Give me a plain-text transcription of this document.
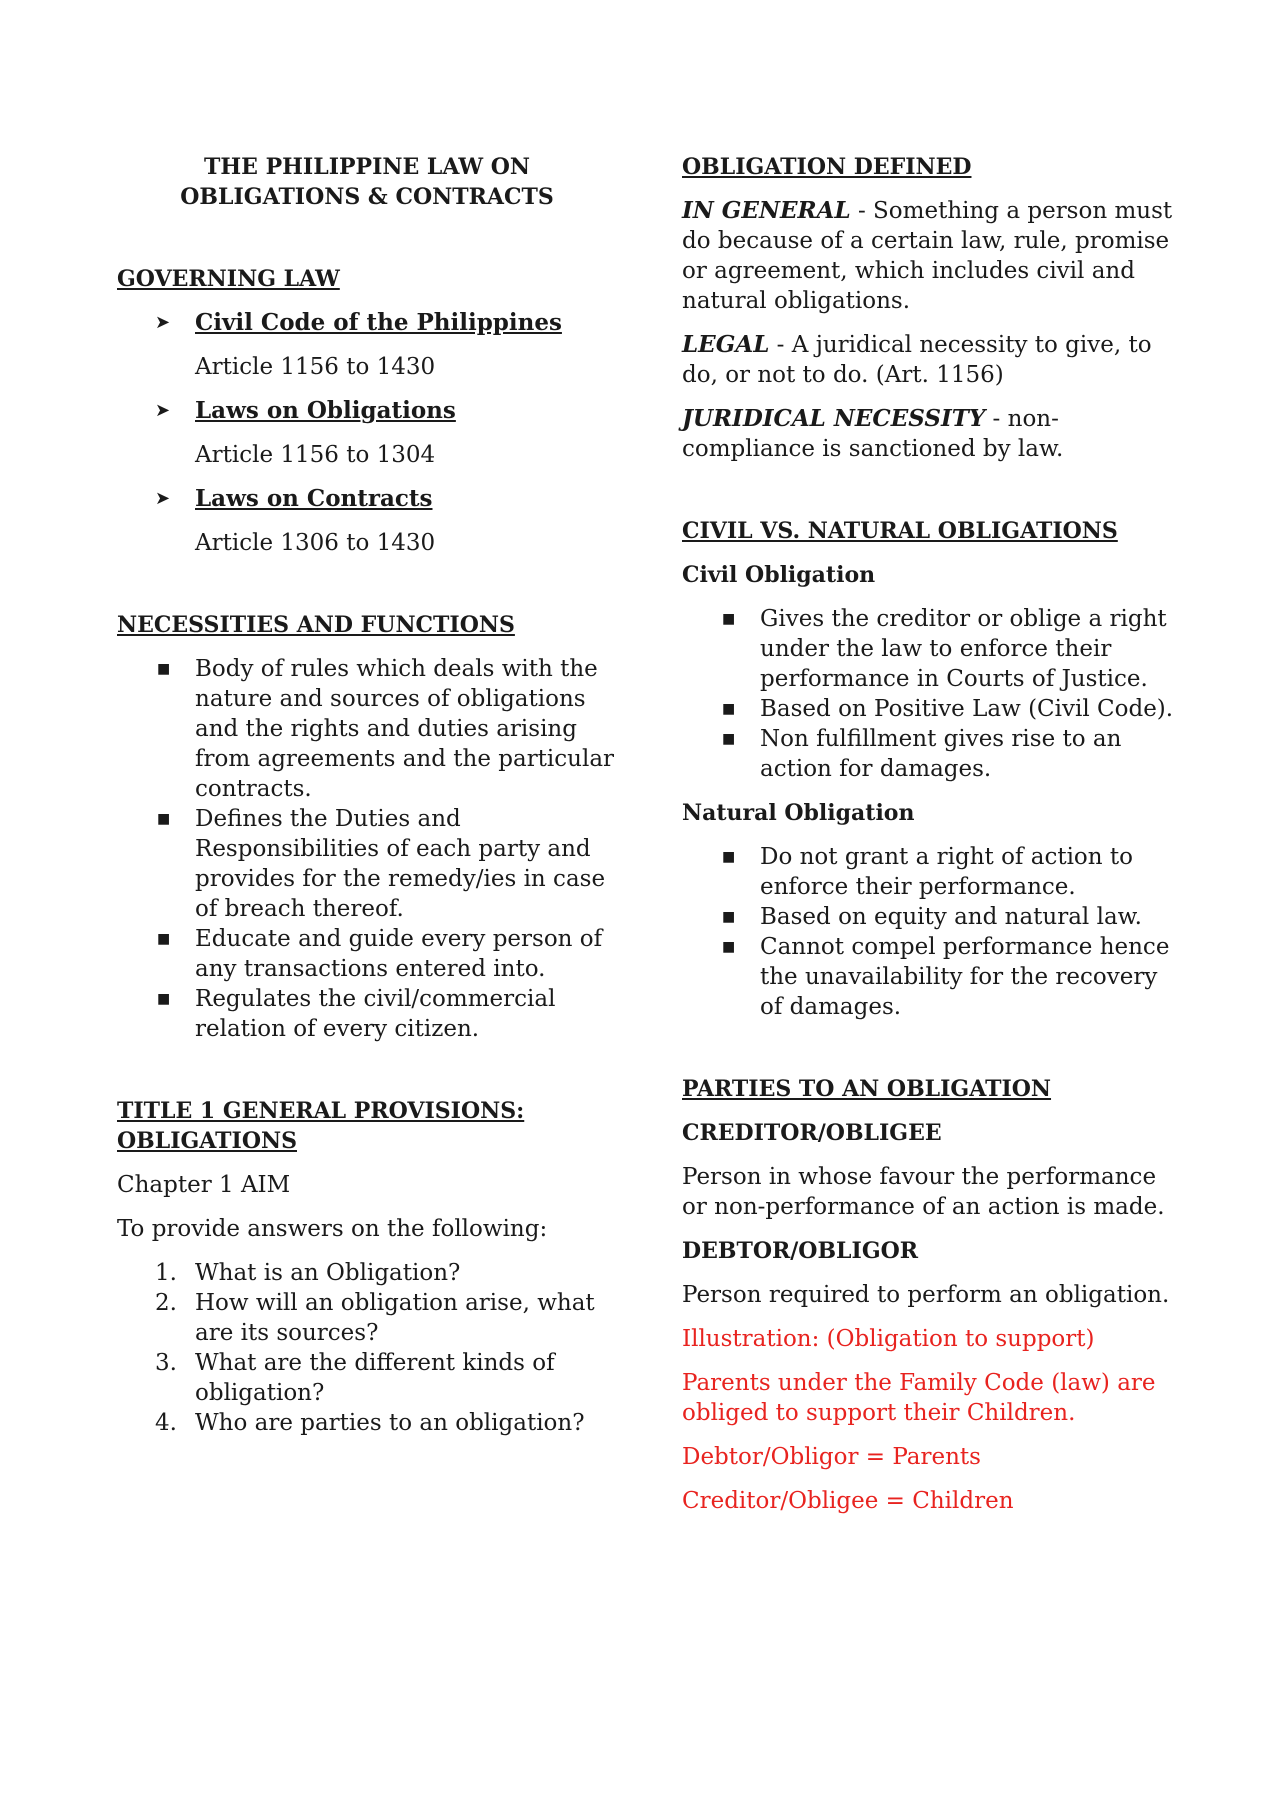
THE PHILIPPINE LAW ON
OBLIGATIONS & CONTRACTS

GOVERNING LAW

➤ Civil Code of the Philippines

Article 1156 to 1430

➤ Laws on Obligations

Article 1156 to 1304

➤ Laws on Contracts

Article 1306 to 1430

NECESSITIES AND FUNCTIONS

■ Body of rules which deals with the nature and sources of obligations and the rights and duties arising from agreements and the particular contracts.
■ Defines the Duties and Responsibilities of each party and provides for the remedy/ies in case of breach thereof.
■ Educate and guide every person of any transactions entered into.
■ Regulates the civil/commercial relation of every citizen.
TITLE 1 GENERAL PROVISIONS:
OBLIGATIONS

Chapter 1 AIM

To provide answers on the following:

1. What is an Obligation?
2. How will an obligation arise, what are its sources?
3. What are the different kinds of obligation?
4. Who are parties to an obligation?

OBLIGATION DEFINED

IN GENERAL - Something a person must do because of a certain law, rule, promise or agreement, which includes civil and natural obligations.

LEGAL - A juridical necessity to give, to do, or not to do. (Art. 1156)

JURIDICAL NECESSITY - non-compliance is sanctioned by law.

CIVIL VS. NATURAL OBLIGATIONS

Civil Obligation

■ Gives the creditor or oblige a right under the law to enforce their performance in Courts of Justice.
■ Based on Positive Law (Civil Code).
■ Non fulfillment gives rise to an action for damages.

Natural Obligation

■ Do not grant a right of action to enforce their performance.
■ Based on equity and natural law.
■ Cannot compel performance hence the unavailability for the recovery of damages.

PARTIES TO AN OBLIGATION

CREDITOR/OBLIGEE

Person in whose favour the performance or non-performance of an action is made.

DEBTOR/OBLIGOR

Person required to perform an obligation.

Illustration: (Obligation to support)

Parents under the Family Code (law) are obliged to support their Children.

Debtor/Obligor = Parents

Creditor/Obligee = Children
